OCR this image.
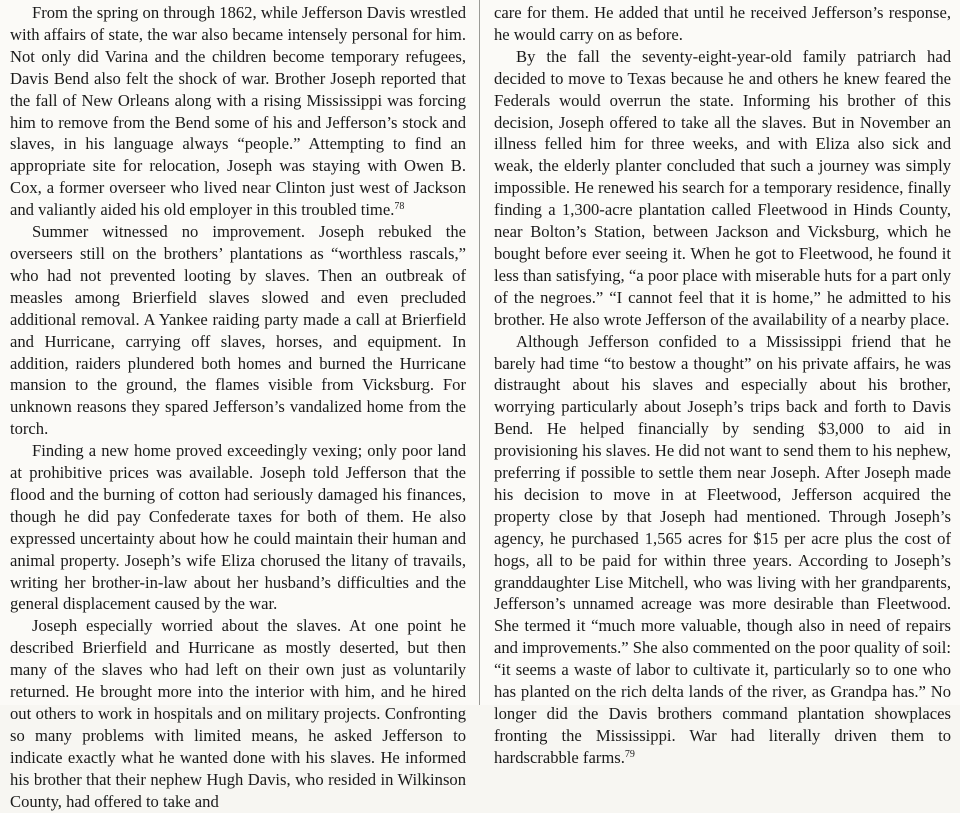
From the spring on through 1862, while Jefferson Davis wrestled with affairs of state, the war also became intensely personal for him. Not only did Varina and the children become temporary refugees, Davis Bend also felt the shock of war. Brother Joseph reported that the fall of New Orleans along with a rising Mississippi was forcing him to remove from the Bend some of his and Jefferson’s stock and slaves, in his language always “people.” Attempting to find an appropriate site for relocation, Joseph was staying with Owen B. Cox, a former overseer who lived near Clinton just west of Jackson and valiantly aided his old employer in this troubled time.$^{78}$

Summer witnessed no improvement. Joseph rebuked the overseers still on the brothers’ plantations as “worthless rascals,” who had not prevented looting by slaves. Then an outbreak of measles among Brierfield slaves slowed and even precluded additional removal. A Yankee raiding party made a call at Brierfield and Hurricane, carrying off slaves, horses, and equipment. In addition, raiders plundered both homes and burned the Hurricane mansion to the ground, the flames visible from Vicksburg. For unknown reasons they spared Jefferson’s vandalized home from the torch.

Finding a new home proved exceedingly vexing; only poor land at prohibitive prices was available. Joseph told Jefferson that the flood and the burning of cotton had seriously damaged his finances, though he did pay Confederate taxes for both of them. He also expressed uncertainty about how he could maintain their human and animal property. Joseph’s wife Eliza chorused the litany of travails, writing her brother-in-law about her husband’s difficulties and the general displacement caused by the war.

Joseph especially worried about the slaves. At one point he described Brierfield and Hurricane as mostly deserted, but then many of the slaves who had left on their own just as voluntarily returned. He brought more into the interior with him, and he hired out others to work in hospitals and on military projects. Confronting so many problems with limited means, he asked Jefferson to indicate exactly what he wanted done with his slaves. He informed his brother that their nephew Hugh Davis, who resided in Wilkinson County, had offered to take and

care for them. He added that until he received Jefferson’s response, he would carry on as before.

By the fall the seventy-eight-year-old family patriarch had decided to move to Texas because he and others he knew feared the Federals would overrun the state. Informing his brother of this decision, Joseph offered to take all the slaves. But in November an illness felled him for three weeks, and with Eliza also sick and weak, the elderly planter concluded that such a journey was simply impossible. He renewed his search for a temporary residence, finally finding a 1,300-acre plantation called Fleetwood in Hinds County, near Bolton’s Station, between Jackson and Vicksburg, which he bought before ever seeing it. When he got to Fleetwood, he found it less than satisfying, “a poor place with miserable huts for a part only of the negroes.” “I cannot feel that it is home,” he admitted to his brother. He also wrote Jefferson of the availability of a nearby place.

Although Jefferson confided to a Mississippi friend that he barely had time “to bestow a thought” on his private affairs, he was distraught about his slaves and especially about his brother, worrying particularly about Joseph’s trips back and forth to Davis Bend. He helped financially by sending $3,000 to aid in provisioning his slaves. He did not want to send them to his nephew, preferring if possible to settle them near Joseph. After Joseph made his decision to move in at Fleetwood, Jefferson acquired the property close by that Joseph had mentioned. Through Joseph’s agency, he purchased 1,565 acres for $15 per acre plus the cost of hogs, all to be paid for within three years. According to Joseph’s granddaughter Lise Mitchell, who was living with her grandparents, Jefferson’s unnamed acreage was more desirable than Fleetwood. She termed it “much more valuable, though also in need of repairs and improvements.” She also commented on the poor quality of soil: “it seems a waste of labor to cultivate it, particularly so to one who has planted on the rich delta lands of the river, as Grandpa has.” No longer did the Davis brothers command plantation showplaces fronting the Mississippi. War had literally driven them to hardscrabble farms.$^{79}$
